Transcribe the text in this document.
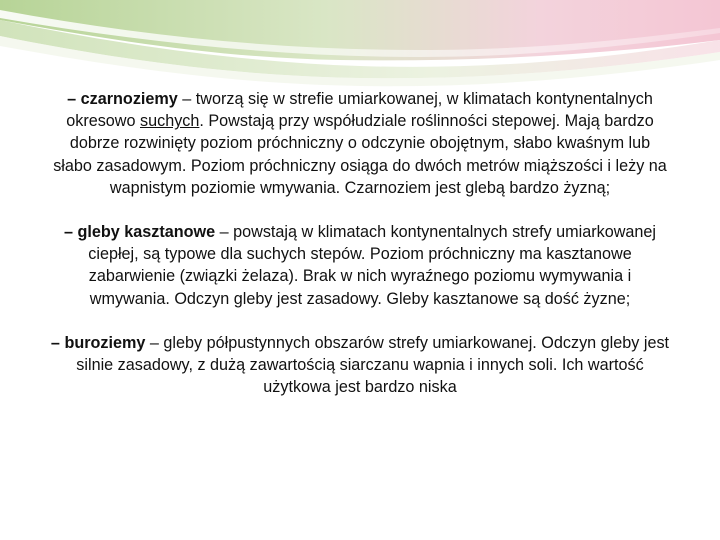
– czarnoziemy – tworzą się w strefie umiarkowanej, w klimatach kontynentalnych okresowo suchych. Powstają przy współudziale roślinności stepowej. Mają bardzo dobrze rozwinięty poziom próchniczny o odczynie obojętnym, słabo kwaśnym lub słabo zasadowym. Poziom próchniczny osiąga do dwóch metrów miąższości i leży na wapnistym poziomie wmywania. Czarnoziem jest glebą bardzo żyzną;

– gleby kasztanowe – powstają w klimatach kontynentalnych strefy umiarkowanej ciepłej, są typowe dla suchych stepów. Poziom próchniczny ma kasztanowe zabarwienie (związki żelaza). Brak w nich wyraźnego poziomu wymywania i wmywania. Odczyn gleby jest zasadowy. Gleby kasztanowe są dość żyzne;

– buroziemy – gleby półpustynnych obszarów strefy umiarkowanej. Odczyn gleby jest silnie zasadowy, z dużą zawartością siarczanu wapnia i innych soli. Ich wartość użytkowa jest bardzo niska
